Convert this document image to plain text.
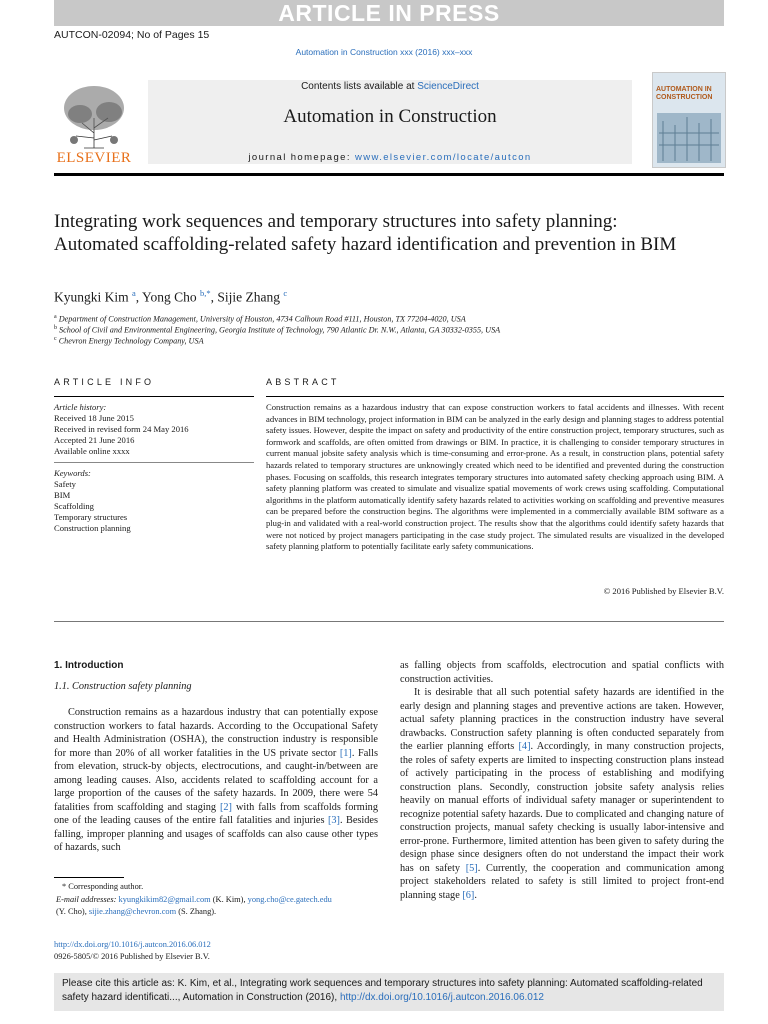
ARTICLE IN PRESS
AUTCON-02094; No of Pages 15
Automation in Construction xxx (2016) xxx–xxx
ELSEVIER
Contents lists available at ScienceDirect
Automation in Construction
journal homepage: www.elsevier.com/locate/autcon
AUTOMATION IN CONSTRUCTION
Integrating work sequences and temporary structures into safety planning: Automated scaffolding-related safety hazard identification and prevention in BIM
Kyungki Kim $^a$, Yong Cho $^{b,*}$, Sijie Zhang $^c$
$^a$ Department of Construction Management, University of Houston, 4734 Calhoun Road #111, Houston, TX 77204-4020, USA
$^b$ School of Civil and Environmental Engineering, Georgia Institute of Technology, 790 Atlantic Dr. N.W., Atlanta, GA 30332-0355, USA
$^c$ Chevron Energy Technology Company, USA
ARTICLE INFO
Article history:
Received 18 June 2015
Received in revised form 24 May 2016
Accepted 21 June 2016
Available online xxxx
Keywords:
Safety
BIM
Scaffolding
Temporary structures
Construction planning
ABSTRACT
Construction remains as a hazardous industry that can expose construction workers to fatal accidents and illnesses. With recent advances in BIM technology, project information in BIM can be analyzed in the early design and planning stages to address potential safety issues. However, despite the impact on safety and productivity of the entire construction project, temporary structures, such as formwork and scaffolds, are often omitted from drawings or BIM. In practice, it is challenging to consider temporary structures in current manual jobsite safety analysis which is time-consuming and error-prone. As a result, in construction plans, potential safety hazards related to temporary structures are unknowingly created which need to be identified and prevented during the construction phases. Focusing on scaffolds, this research integrates temporary structures into automated safety checking approach using BIM. A safety planning platform was created to simulate and visualize spatial movements of work crews using scaffolding. Computational algorithms in the platform automatically identify safety hazards related to activities working on scaffolding and preventive measures can be prepared before the construction begins. The algorithms were implemented in a commercially available BIM software as a plug-in and validated with a real-world construction project. The results show that the algorithms could identify safety hazards that were not noticed by project managers participating in the case study project. The simulated results are visualized in the developed safety planning platform to potentially facilitate early safety communications.
© 2016 Published by Elsevier B.V.

1. Introduction

1.1. Construction safety planning

Construction remains as a hazardous industry that can potentially expose construction workers to fatal hazards. According to the Occupational Safety and Health Administration (OSHA), the construction industry is responsible for more than 20% of all worker fatalities in the US private sector [1]. Falls from elevation, struck-by objects, electrocutions, and caught-in/between are among leading causes. Also, accidents related to scaffolding account for a large proportion of the causes of the safety hazards. In 2009, there were 54 fatalities from scaffolding and staging [2] with falls from scaffolds forming one of the leading causes of the entire fall fatalities and injuries [3]. Besides falling, improper planning and usages of scaffolds can also cause other types of hazards, such

as falling objects from scaffolds, electrocution and spatial conflicts with construction activities.

It is desirable that all such potential safety hazards are identified in the early design and planning stages and preventive actions are taken. However, actual safety planning practices in the construction industry have several drawbacks. Construction safety planning is often conducted separately from the earlier planning efforts [4]. Accordingly, in many construction projects, the roles of safety experts are limited to inspecting construction plans instead of actively participating in the process of establishing and modifying construction plans. Secondly, construction jobsite safety analysis relies heavily on manual efforts of individual safety manager or superintendent to recognize potential safety hazards. Due to complicated and changing nature of construction projects, manual safety checking is usually labor-intensive and error-prone. Furthermore, limited attention has been given to safety during the design phase since designers often do not understand the impact their work has on safety [5]. Currently, the cooperation and communication among project stakeholders related to safety is still limited to project front-end planning stage [6].

* Corresponding author.
E-mail addresses: kyungkikim82@gmail.com (K. Kim), yong.cho@ce.gatech.edu
(Y. Cho), sijie.zhang@chevron.com (S. Zhang).
http://dx.doi.org/10.1016/j.autcon.2016.06.012
0926-5805/© 2016 Published by Elsevier B.V.
Please cite this article as: K. Kim, et al., Integrating work sequences and temporary structures into safety planning: Automated scaffolding-related safety hazard identificati..., Automation in Construction (2016), http://dx.doi.org/10.1016/j.autcon.2016.06.012
